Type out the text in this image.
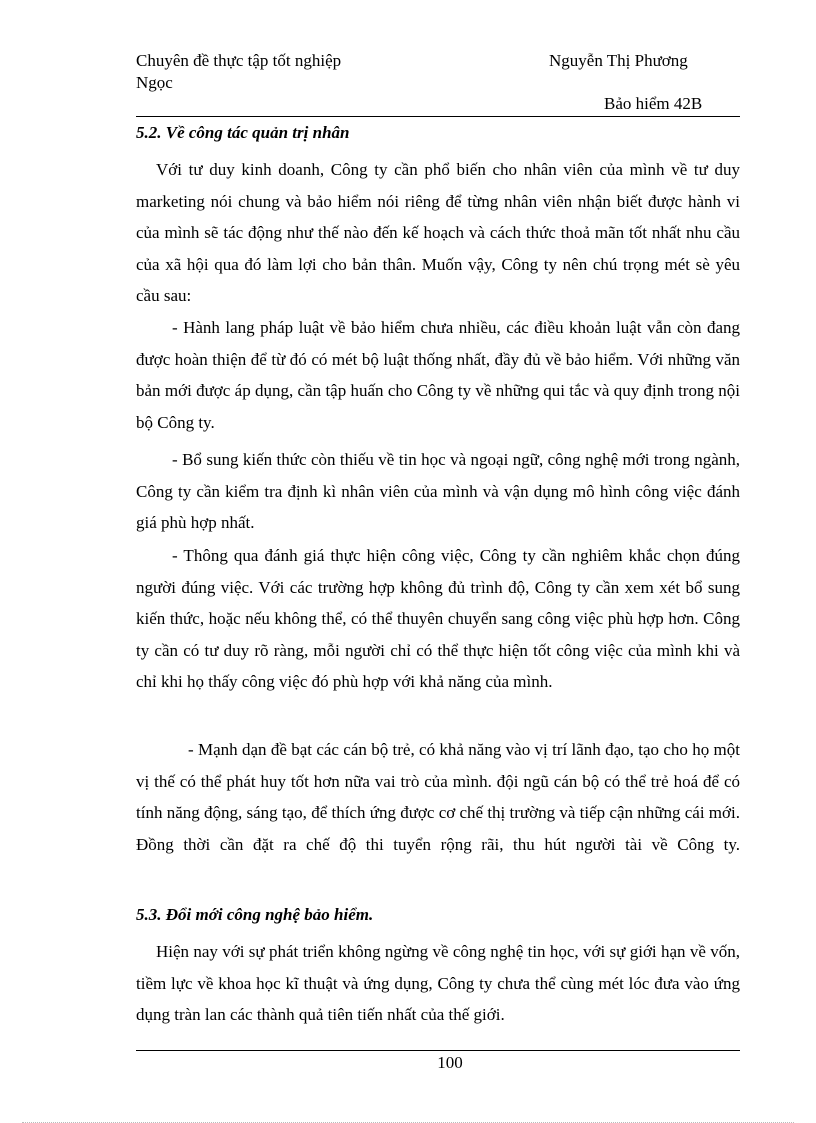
Chuyên đề thực tập tốt nghiệp Ngọc
Nguyễn Thị Phương
Bảo hiểm 42B
5.2. Về công tác quản trị nhân

Với tư duy kinh doanh, Công ty cần phổ biến cho nhân viên của mình về tư duy marketing nói chung và bảo hiểm nói riêng để từng nhân viên nhận biết được hành vi của mình sẽ tác động như thế nào đến kế hoạch và cách thức thoả mãn tốt nhất nhu cầu của xã hội qua đó làm lợi cho bản thân. Muốn vậy, Công ty nên chú trọng mét sè yêu cầu sau:

- Hành lang pháp luật về bảo hiểm chưa nhiều, các điều khoản luật vẫn còn đang được hoàn thiện để từ đó có mét bộ luật thống nhất, đầy đủ về bảo hiểm. Với những văn bản mới được áp dụng, cần tập huấn cho Công ty về những qui tắc và quy định trong nội bộ Công ty.

- Bổ sung kiến thức còn thiếu về tin học và ngoại ngữ, công nghệ mới trong ngành, Công ty cần kiểm tra định kì nhân viên của mình và vận dụng mô hình công việc đánh giá phù hợp nhất.

- Thông qua đánh giá thực hiện công việc, Công ty cần nghiêm khắc chọn đúng người đúng việc. Với các trường hợp không đủ trình độ, Công ty cần xem xét bổ sung kiến thức, hoặc nếu không thể, có thể thuyên chuyển sang công việc phù hợp hơn. Công ty cần có tư duy rõ ràng, mỗi người chỉ có thể thực hiện tốt công việc của mình khi và chỉ khi họ thấy công việc đó phù hợp với khả năng của mình.

- Mạnh dạn đề bạt các cán bộ trẻ, có khả năng vào vị trí lãnh đạo, tạo cho họ một vị thế có thể phát huy tốt hơn nữa vai trò của mình. đội ngũ cán bộ có thể trẻ hoá để có tính năng động, sáng tạo, để thích ứng được cơ chế thị trường và tiếp cận những cái mới. Đồng thời cần đặt ra chế độ thi tuyển rộng rãi, thu hút người tài về Công ty.

5.3. Đổi mới công nghệ bảo hiểm.

Hiện nay với sự phát triển không ngừng về công nghệ tin học, với sự giới hạn về vốn, tiềm lực về khoa học kĩ thuật và ứng dụng, Công ty chưa thể cùng mét lóc đưa vào ứng dụng tràn lan các thành quả tiên tiến nhất của thế giới.

100
